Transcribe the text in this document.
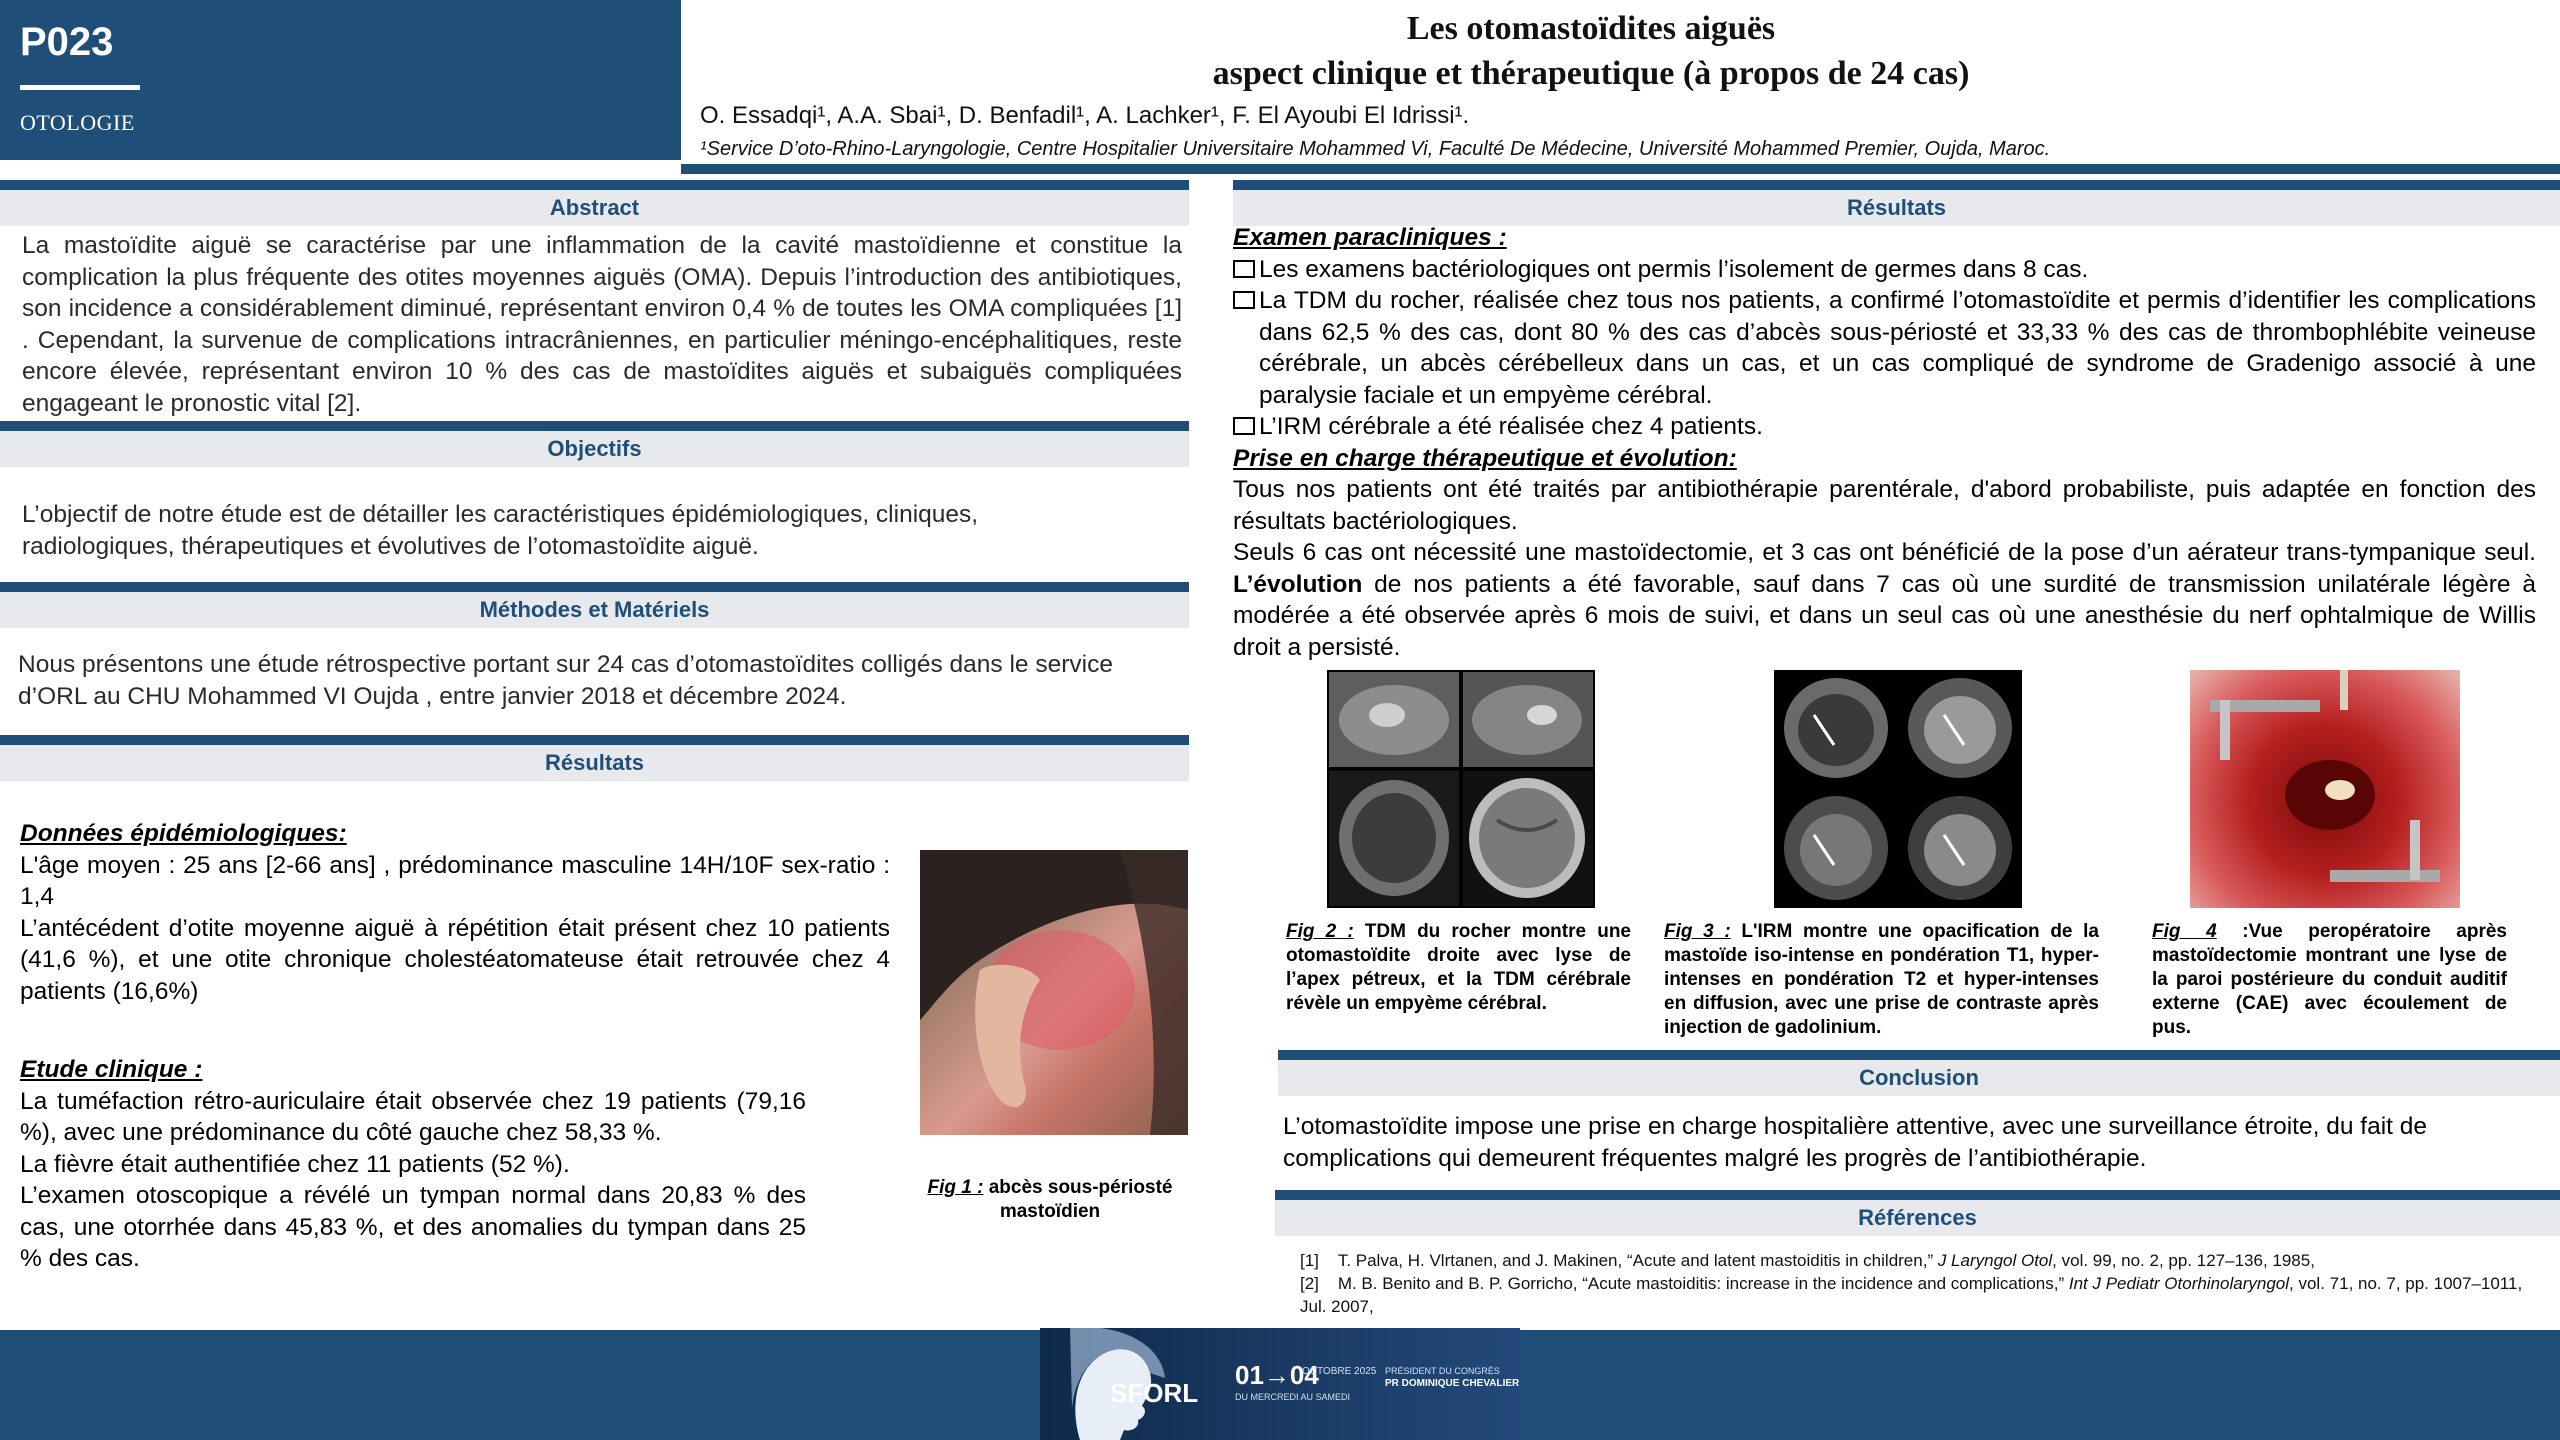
P023
OTOLOGIE
Les otomastoïdites aiguës
aspect clinique et thérapeutique (à propos de 24 cas)
O. Essadqi¹, A.A. Sbai¹, D. Benfadil¹, A. Lachker¹, F. El Ayoubi El Idrissi¹.
¹Service D’oto-Rhino-Laryngologie, Centre Hospitalier Universitaire Mohammed Vi, Faculté De Médecine, Université Mohammed Premier, Oujda, Maroc.
Abstract
La mastoïdite aiguë se caractérise par une inflammation de la cavité mastoïdienne et constitue la complication la plus fréquente des otites moyennes aiguës (OMA). Depuis l’introduction des antibiotiques, son incidence a considérablement diminué, représentant environ 0,4 % de toutes les OMA compliquées [1] . Cependant, la survenue de complications intracrâniennes, en particulier méningo-encéphalitiques, reste encore élevée, représentant environ 10 % des cas de mastoïdites aiguës et subaiguës compliquées engageant le pronostic vital [2].
Objectifs
L’objectif de notre étude est de détailler les caractéristiques épidémiologiques, cliniques, radiologiques, thérapeutiques et évolutives de l’otomastoïdite aiguë.
Méthodes et Matériels
Nous présentons une étude rétrospective portant sur 24 cas d’otomastoïdites colligés dans le service d’ORL au CHU Mohammed VI Oujda , entre janvier 2018 et décembre 2024.
Résultats
Données épidémiologiques:
L'âge moyen : 25 ans [2-66 ans] , prédominance masculine 14H/10F sex-ratio : 1,4
L’antécédent d’otite moyenne aiguë à répétition était présent chez 10 patients (41,6 %), et une otite chronique cholestéatomateuse était retrouvée chez 4 patients (16,6%)
Etude clinique :
La tuméfaction rétro-auriculaire était observée chez 19 patients (79,16 %), avec une prédominance du côté gauche chez 58,33 %.
La fièvre était authentifiée chez 11 patients (52 %).
L’examen otoscopique a révélé un tympan normal dans 20,83 % des cas, une otorrhée dans 45,83 %, et des anomalies du tympan dans 25 % des cas.
Fig 1 : abcès sous-périosté mastoïdien
Résultats
Examen paracliniques :
Les examens bactériologiques ont permis l’isolement de germes dans 8 cas.
La TDM du rocher, réalisée chez tous nos patients, a confirmé l’otomastoïdite et permis d’identifier les complications dans 62,5 % des cas, dont 80 % des cas d’abcès sous-périosté et 33,33 % des cas de thrombophlébite veineuse cérébrale, un abcès cérébelleux dans un cas, et un cas compliqué de syndrome de Gradenigo associé à une paralysie faciale et un empyème cérébral.
L’IRM cérébrale a été réalisée chez 4 patients.
Prise en charge thérapeutique et évolution:
Tous nos patients ont été traités par antibiothérapie parentérale, d'abord probabiliste, puis adaptée en fonction des résultats bactériologiques.
Seuls 6 cas ont nécessité une mastoïdectomie, et 3 cas ont bénéficié de la pose d’un aérateur trans-tympanique seul. L’évolution de nos patients a été favorable, sauf dans 7 cas où une surdité de transmission unilatérale légère à modérée a été observée après 6 mois de suivi, et dans un seul cas où une anesthésie du nerf ophtalmique de Willis droit a persisté.
Fig 2 : TDM du rocher montre une otomastoïdite droite avec lyse de l’apex pétreux, et la TDM cérébrale révèle un empyème cérébral.
Fig 3 : L'IRM montre une opacification de la mastoïde iso-intense en pondération T1, hyper-intenses en pondération T2 et hyper-intenses en diffusion, avec une prise de contraste après injection de gadolinium.
Fig 4 :Vue peropératoire après mastoïdectomie montrant une lyse de la paroi postérieure du conduit auditif externe (CAE) avec écoulement de pus.
Conclusion
L’otomastoïdite impose une prise en charge hospitalière attentive, avec une surveillance étroite, du fait de complications qui demeurent fréquentes malgré les progrès de l’antibiothérapie.
Références
[1] T. Palva, H. Vlrtanen, and J. Makinen, “Acute and latent mastoiditis in children,” J Laryngol Otol, vol. 99, no. 2, pp. 127–136, 1985,
[2] M. B. Benito and B. P. Gorricho, “Acute mastoiditis: increase in the incidence and complications,” Int J Pediatr Otorhinolaryngol, vol. 71, no. 7, pp. 1007–1011, Jul. 2007,
SFORL
01→04
OCTOBRE 2025
DU MERCREDI AU SAMEDI
PRÉSIDENT DU CONGRÈS
PR DOMINIQUE CHEVALIER
